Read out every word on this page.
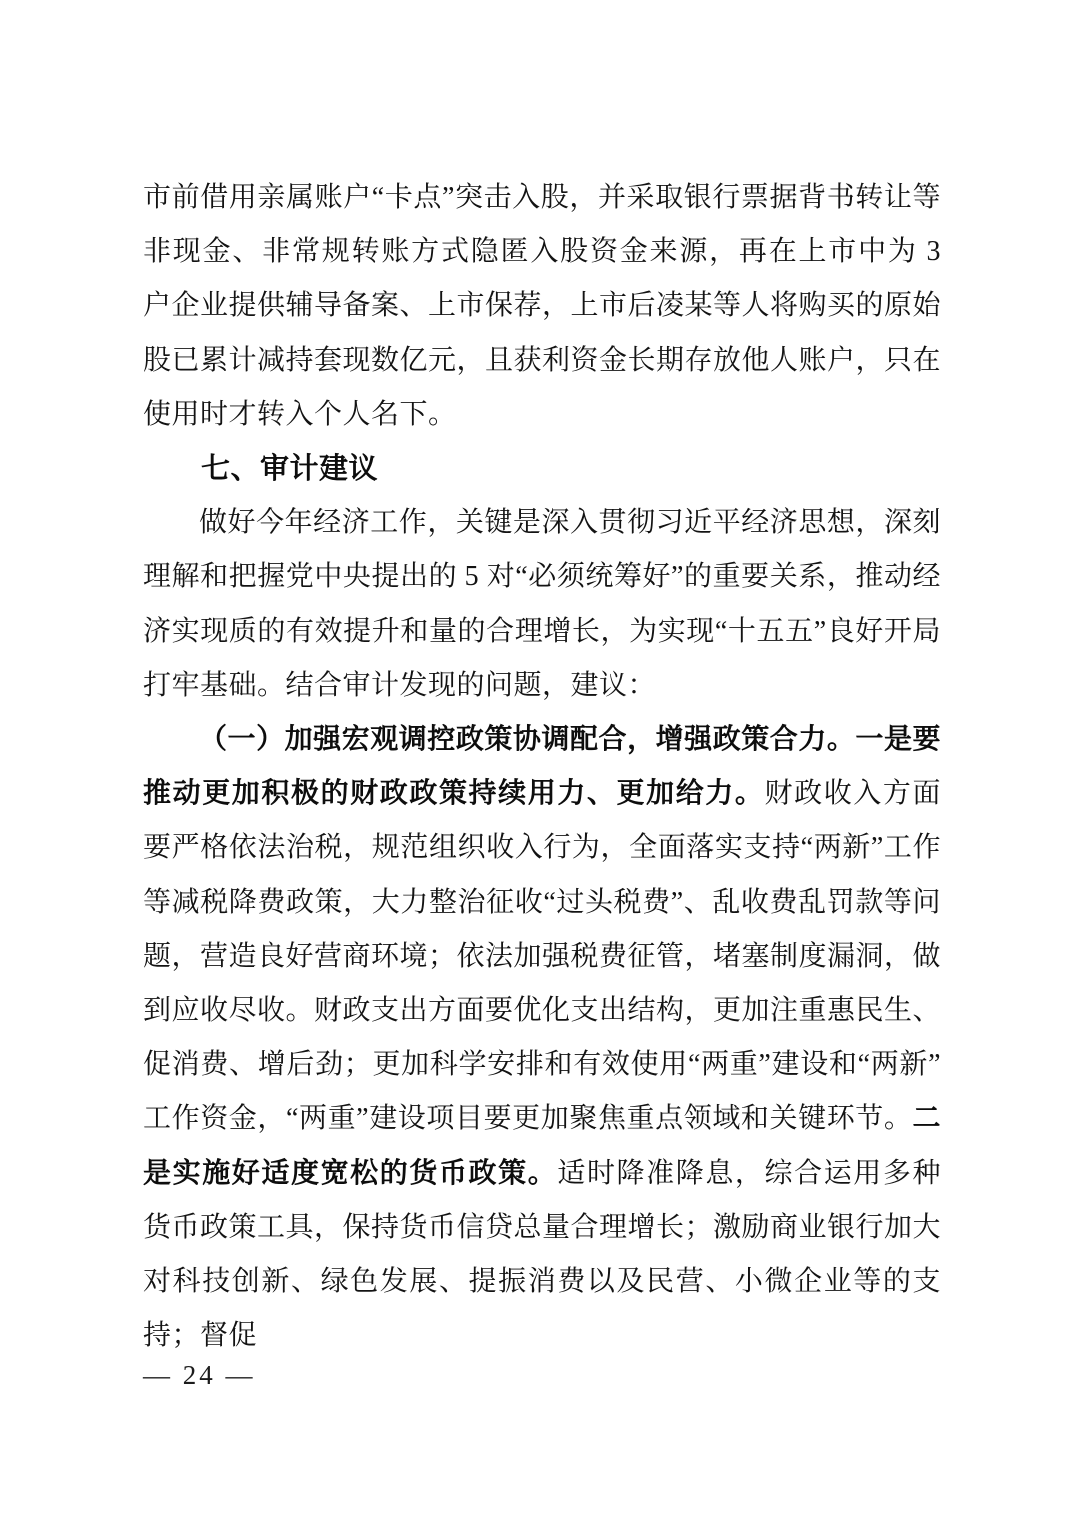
市前借用亲属账户“卡点”突击入股，并采取银行票据背书转让等非现金、非常规转账方式隐匿入股资金来源，再在上市中为 3 户企业提供辅导备案、上市保荐，上市后凌某等人将购买的原始股已累计减持套现数亿元，且获利资金长期存放他人账户，只在使用时才转入个人名下。

七、审计建议

做好今年经济工作，关键是深入贯彻习近平经济思想，深刻理解和把握党中央提出的 5 对“必须统筹好”的重要关系，推动经济实现质的有效提升和量的合理增长，为实现“十五五”良好开局打牢基础。结合审计发现的问题，建议：

（一）加强宏观调控政策协调配合，增强政策合力。一是要推动更加积极的财政政策持续用力、更加给力。财政收入方面要严格依法治税，规范组织收入行为，全面落实支持“两新”工作等减税降费政策，大力整治征收“过头税费”、乱收费乱罚款等问题，营造良好营商环境；依法加强税费征管，堵塞制度漏洞，做到应收尽收。财政支出方面要优化支出结构，更加注重惠民生、促消费、增后劲；更加科学安排和有效使用“两重”建设和“两新”工作资金，“两重”建设项目要更加聚焦重点领域和关键环节。二是实施好适度宽松的货币政策。适时降准降息，综合运用多种货币政策工具，保持货币信贷总量合理增长；激励商业银行加大对科技创新、绿色发展、提振消费以及民营、小微企业等的支持；督促

— 24 —
